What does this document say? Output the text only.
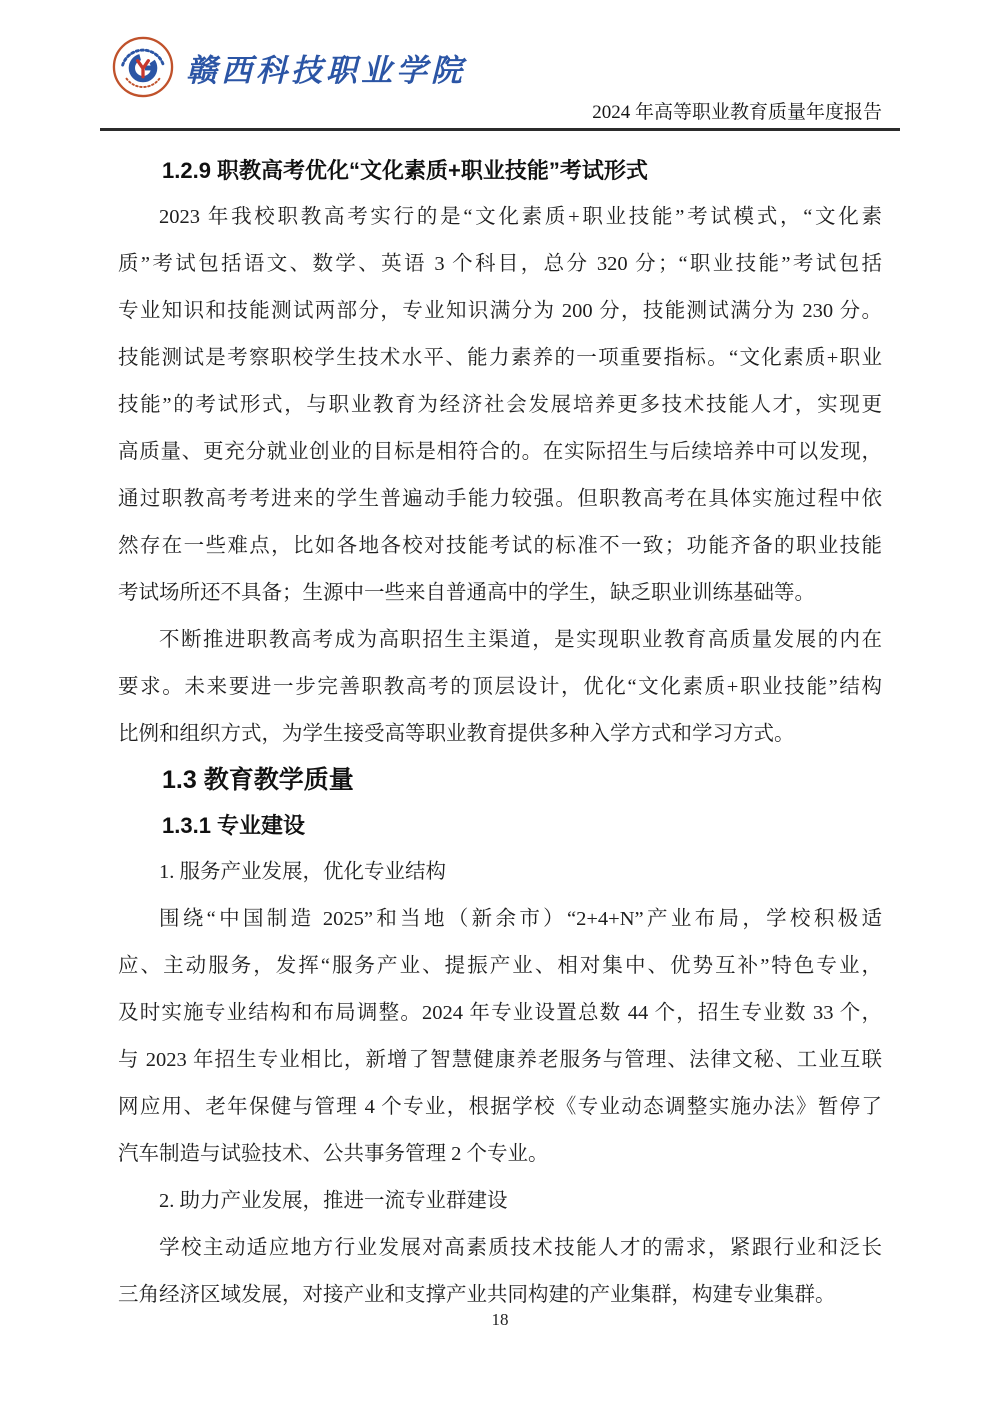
赣西科技职业学院
2024 年高等职业教育质量年度报告
1.2.9 职教高考优化“文化素质+职业技能”考试形式
2023 年我校职教高考实行的是“文化素质+职业技能”考试模式，“文化素
质”考试包括语文、数学、英语 3 个科目，总分 320 分；“职业技能”考试包括
专业知识和技能测试两部分，专业知识满分为 200 分，技能测试满分为 230 分。
技能测试是考察职校学生技术水平、能力素养的一项重要指标。“文化素质+职业
技能”的考试形式，与职业教育为经济社会发展培养更多技术技能人才，实现更
高质量、更充分就业创业的目标是相符合的。在实际招生与后续培养中可以发现，
通过职教高考考进来的学生普遍动手能力较强。但职教高考在具体实施过程中依
然存在一些难点，比如各地各校对技能考试的标准不一致；功能齐备的职业技能
考试场所还不具备；生源中一些来自普通高中的学生，缺乏职业训练基础等。
不断推进职教高考成为高职招生主渠道，是实现职业教育高质量发展的内在
要求。未来要进一步完善职教高考的顶层设计，优化“文化素质+职业技能”结构
比例和组织方式，为学生接受高等职业教育提供多种入学方式和学习方式。
1.3 教育教学质量
1.3.1 专业建设
1. 服务产业发展，优化专业结构
围绕“中国制造 2025”和当地（新余市）“2+4+N”产业布局，学校积极适
应、主动服务，发挥“服务产业、提振产业、相对集中、优势互补”特色专业，
及时实施专业结构和布局调整。2024 年专业设置总数 44 个，招生专业数 33 个，
与 2023 年招生专业相比，新增了智慧健康养老服务与管理、法律文秘、工业互联
网应用、老年保健与管理 4 个专业，根据学校《专业动态调整实施办法》暂停了
汽车制造与试验技术、公共事务管理 2 个专业。
2. 助力产业发展，推进一流专业群建设
学校主动适应地方行业发展对高素质技术技能人才的需求，紧跟行业和泛长
三角经济区域发展，对接产业和支撑产业共同构建的产业集群，构建专业集群。
18
